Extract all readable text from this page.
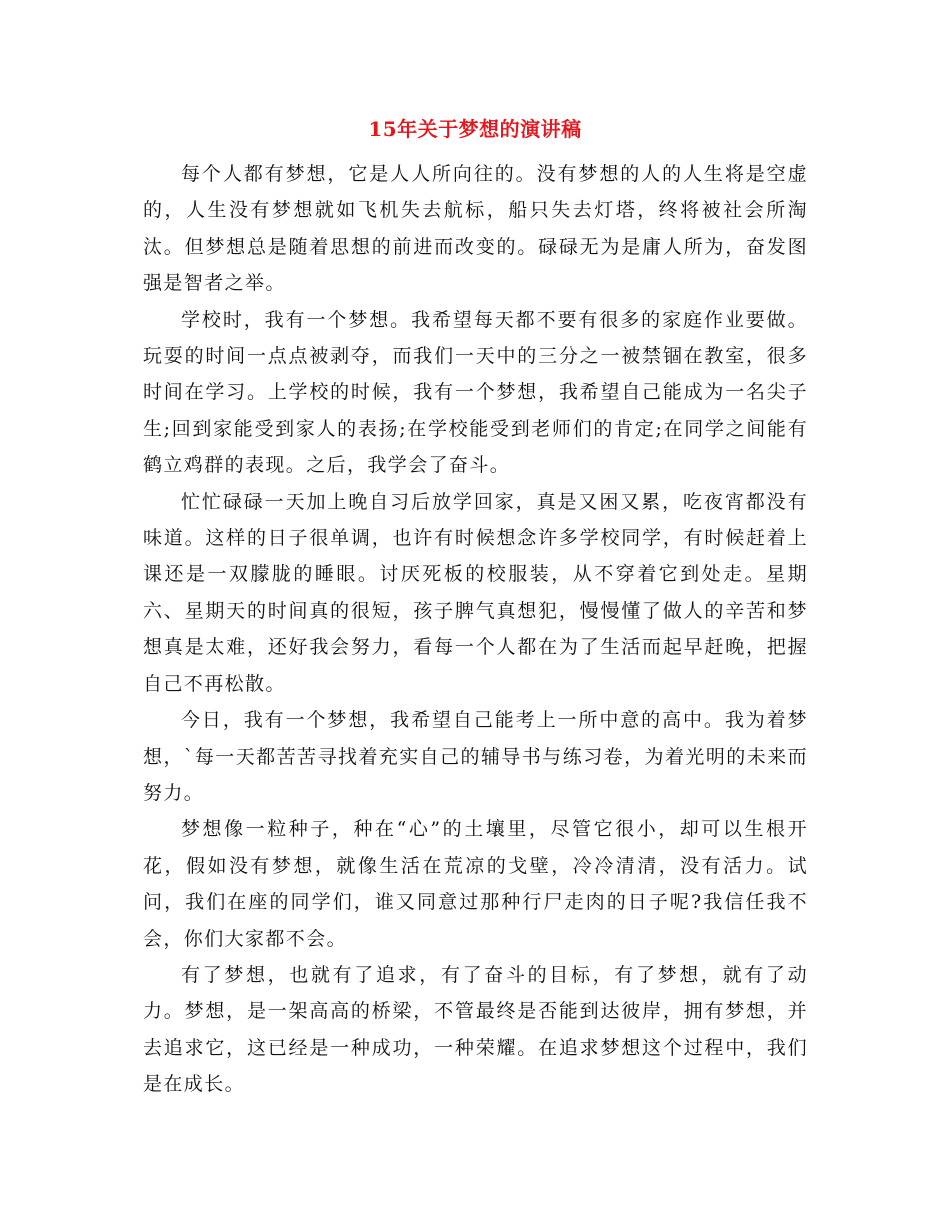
15年关于梦想的演讲稿

每个人都有梦想，它是人人所向往的。没有梦想的人的人生将是空虚的，人生没有梦想就如飞机失去航标，船只失去灯塔，终将被社会所淘汰。但梦想总是随着思想的前进而改变的。碌碌无为是庸人所为，奋发图强是智者之举。

学校时，我有一个梦想。我希望每天都不要有很多的家庭作业要做。玩耍的时间一点点被剥夺，而我们一天中的三分之一被禁锢在教室，很多时间在学习。上学校的时候，我有一个梦想，我希望自己能成为一名尖子生;回到家能受到家人的表扬;在学校能受到老师们的肯定;在同学之间能有鹤立鸡群的表现。之后，我学会了奋斗。

忙忙碌碌一天加上晚自习后放学回家，真是又困又累，吃夜宵都没有味道。这样的日子很单调，也许有时候想念许多学校同学，有时候赶着上课还是一双朦胧的睡眼。讨厌死板的校服装，从不穿着它到处走。星期六、星期天的时间真的很短，孩子脾气真想犯，慢慢懂了做人的辛苦和梦想真是太难，还好我会努力，看每一个人都在为了生活而起早赶晚，把握自己不再松散。

今日，我有一个梦想，我希望自己能考上一所中意的高中。我为着梦想，`每一天都苦苦寻找着充实自己的辅导书与练习卷，为着光明的未来而努力。

梦想像一粒种子，种在“心”的土壤里，尽管它很小，却可以生根开花，假如没有梦想，就像生活在荒凉的戈壁，冷冷清清，没有活力。试问，我们在座的同学们，谁又同意过那种行尸走肉的日子呢?我信任我不会，你们大家都不会。

有了梦想，也就有了追求，有了奋斗的目标，有了梦想，就有了动力。梦想，是一架高高的桥梁，不管最终是否能到达彼岸，拥有梦想，并去追求它，这已经是一种成功，一种荣耀。在追求梦想这个过程中，我们是在成长。
